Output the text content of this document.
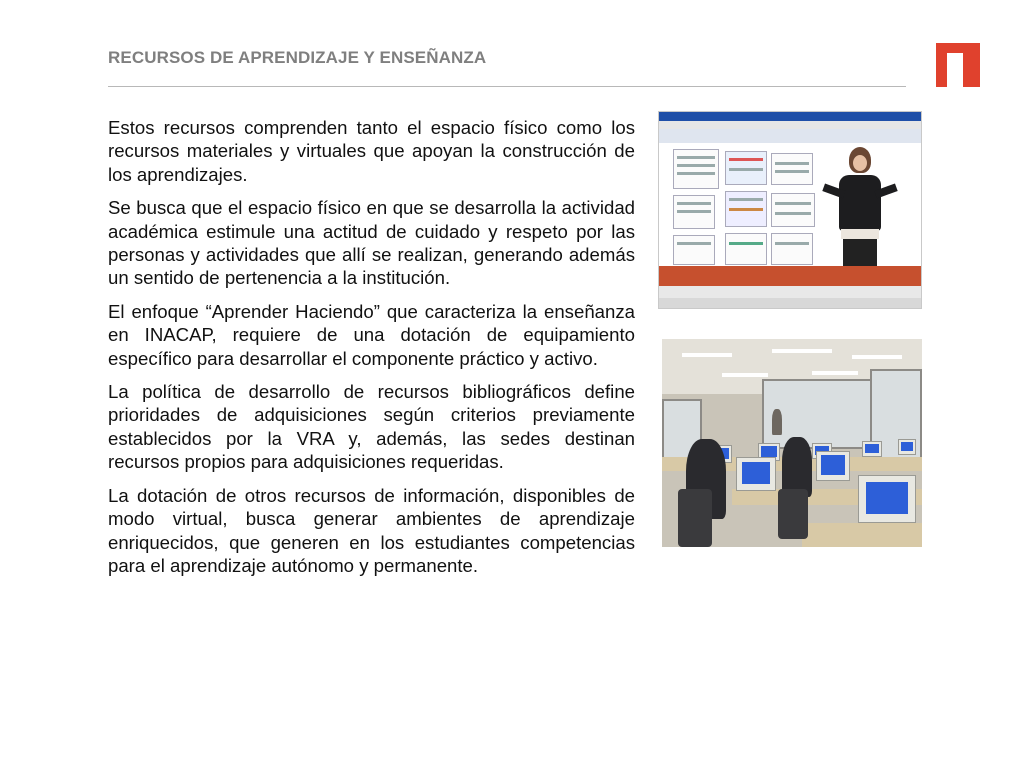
RECURSOS DE APRENDIZAJE Y ENSEÑANZA

Estos recursos comprenden tanto el espacio físico como los recursos materiales y virtuales que apoyan la construcción de los aprendizajes.

Se busca que el espacio físico en que se desarrolla la actividad académica estimule una actitud de cuidado y respeto por las personas y actividades que allí se realizan, generando además un sentido de pertenencia a la institución.

El enfoque “Aprender Haciendo” que caracteriza la enseñanza en INACAP, requiere de una dotación de equipamiento específico para desarrollar el componente práctico y activo.

La política de desarrollo de recursos bibliográficos define prioridades de adquisiciones según criterios previamente establecidos por la VRA y, además, las sedes destinan recursos propios para adquisiciones requeridas.

La dotación de otros recursos de información, disponibles de modo virtual, busca generar ambientes de aprendizaje enriquecidos, que generen en los estudiantes competencias para el aprendizaje autónomo y permanente.
